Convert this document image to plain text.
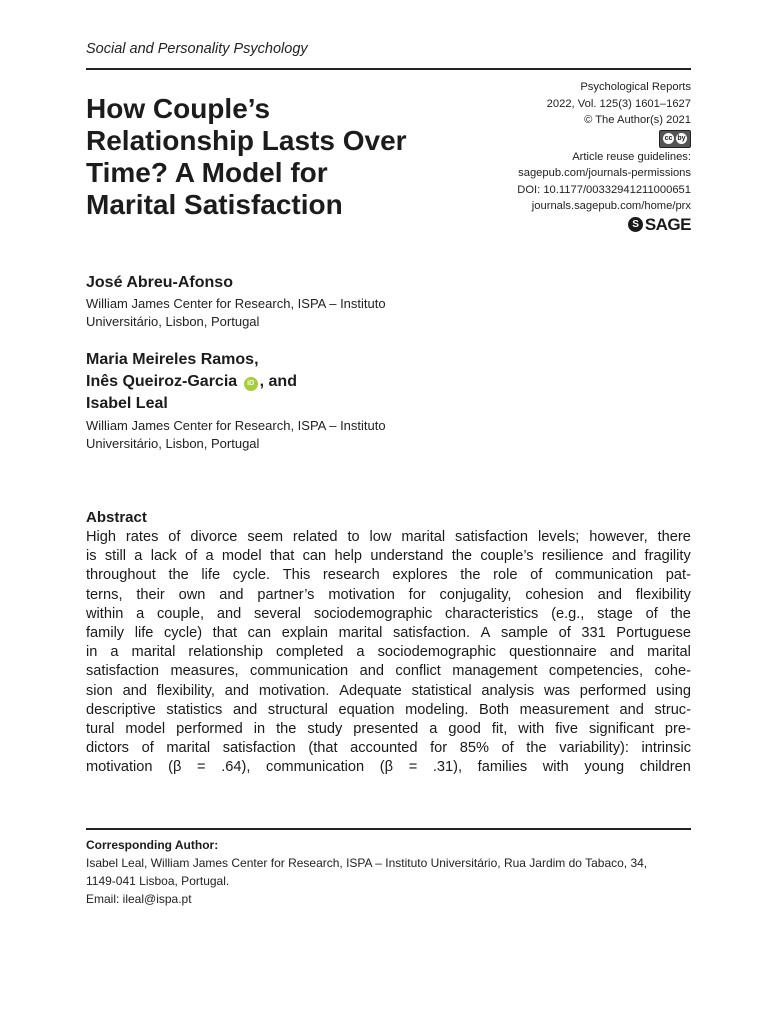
Social and Personality Psychology
How Couple’s
Relationship Lasts Over
Time? A Model for
Marital Satisfaction
Psychological Reports
2022, Vol. 125(3) 1601–1627
© The Author(s) 2021
cc by
Article reuse guidelines:
sagepub.com/journals-permissions
DOI: 10.1177/00332941211000651
journals.sagepub.com/home/prx
S SAGE
José Abreu-Afonso
William James Center for Research, ISPA – Instituto
Universitário, Lisbon, Portugal
Maria Meireles Ramos,
Inês Queiroz-Garcia iD , and
Isabel Leal
William James Center for Research, ISPA – Instituto
Universitário, Lisbon, Portugal
Abstract
High rates of divorce seem related to low marital satisfaction levels; however, there
is still a lack of a model that can help understand the couple’s resilience and fragility
throughout the life cycle. This research explores the role of communication pat-
terns, their own and partner’s motivation for conjugality, cohesion and flexibility
within a couple, and several sociodemographic characteristics (e.g., stage of the
family life cycle) that can explain marital satisfaction. A sample of 331 Portuguese
in a marital relationship completed a sociodemographic questionnaire and marital
satisfaction measures, communication and conflict management competencies, cohe-
sion and flexibility, and motivation. Adequate statistical analysis was performed using
descriptive statistics and structural equation modeling. Both measurement and struc-
tural model performed in the study presented a good fit, with five significant pre-
dictors of marital satisfaction (that accounted for 85% of the variability): intrinsic
motivation (β = .64), communication (β = .31), families with young children
Corresponding Author:
Isabel Leal, William James Center for Research, ISPA – Instituto Universitário, Rua Jardim do Tabaco, 34,
1149-041 Lisboa, Portugal.
Email: ileal@ispa.pt
